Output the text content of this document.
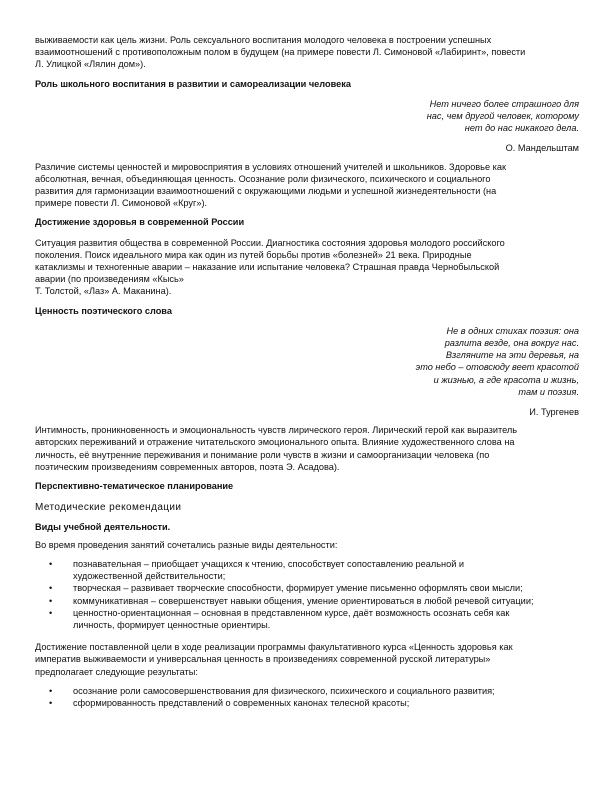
выживаемости как цель жизни. Роль сексуального воспитания молодого человека в построении успешных
взаимоотношений с противоположным полом в будущем (на примере повести Л. Симоновой «Лабиринт», повести
Л. Улицкой «Лялин дом»).

Роль школьного воспитания в развитии и самореализации человека

Нет ничего более страшного для

нас, чем другой человек, которому

нет до нас никакого дела.

О. Мандельштам

Различие системы ценностей и мировосприятия в условиях отношений учителей и школьников. Здоровье как
абсолютная, вечная, объединяющая ценность. Осознание роли физического, психического и социального
развития для гармонизации взаимоотношений с окружающими людьми и успешной жизнедеятельности (на
примере повести Л. Симоновой «Круг»).

Достижение здоровья в современной России

Ситуация развития общества в современной России. Диагностика состояния здоровья молодого российского
поколения. Поиск идеального мира как один из путей борьбы против «болезней» 21 века. Природные
катаклизмы и техногенные аварии – наказание или испытание человека? Страшная правда Чернобыльской
аварии (по произведениям «Кысь»
Т. Толстой, «Лаз» А. Маканина).

Ценность поэтического слова

Не в одних стихах поэзия: она

разлита везде, она вокруг нас.

Взгляните на эти деревья, на

это небо – отовсюду веет красотой

и жизнью, а где красота и жизнь,

там и поэзия.

И. Тургенев

Интимность, проникновенность и эмоциональность чувств лирического героя. Лирический герой как выразитель
авторских переживаний и отражение читательского эмоционального опыта. Влияние художественного слова на
личность, её внутренние переживания и понимание роли чувств в жизни и самоорганизации человека (по
поэтическим произведениям современных авторов, поэта Э. Асадова).

Перспективно-тематическое планирование

Методические рекомендации

Виды учебной деятельности.

Во время проведения занятий сочетались разные виды деятельности:

• познавательная – приобщает учащихся к чтению, способствует сопоставлению реальной и
художественной действительности;
• творческая – развивает творческие способности, формирует умение письменно оформлять свои мысли;
• коммуникативная – совершенствует навыки общения, умение ориентироваться в любой речевой ситуации;
• ценностно-ориентационная – основная в представленном курсе, даёт возможность осознать себя как
личность, формирует ценностные ориентиры.

Достижение поставленной цели в ходе реализации программы факультативного курса «Ценность здоровья как
императив выживаемости и универсальная ценность в произведениях современной русской литературы»
предполагает следующие результаты:

• осознание роли самосовершенствования для физического, психического и социального развития;
• сформированность представлений о современных канонах телесной красоты;
